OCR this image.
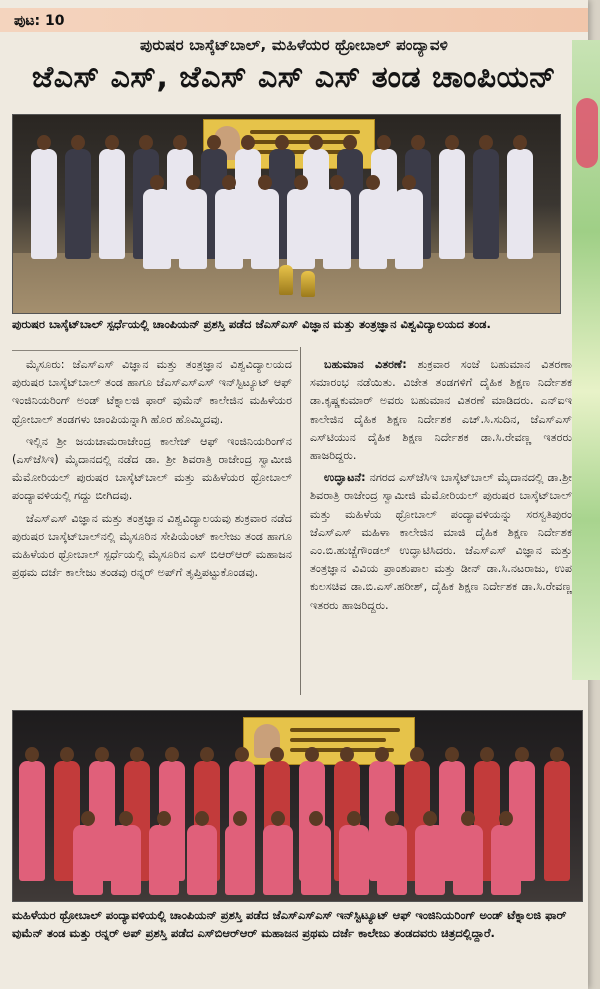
ಪುಟ: 10
ಪುರುಷರ ಬಾಸ್ಕೆಟ್‌ಬಾಲ್, ಮಹಿಳೆಯರ ಥ್ರೋಬಾಲ್ ಪಂದ್ಯಾವಳಿ
ಜೆಎಸ್ ಎಸ್, ಜೆಎಸ್ ಎಸ್ ಎಸ್ ತಂಡ ಚಾಂಪಿಯನ್
ಪುರುಷರ ಬಾಸ್ಕೆಟ್‌ಬಾಲ್ ಸ್ಪರ್ಧೆಯಲ್ಲಿ ಚಾಂಪಿಯನ್ ಪ್ರಶಸ್ತಿ ಪಡೆದ ಜೆಎಸ್‌ಎಸ್ ವಿಜ್ಞಾನ ಮತ್ತು ತಂತ್ರಜ್ಞಾನ ವಿಶ್ವವಿದ್ಯಾಲಯದ ತಂಡ.

ಮೈಸೂರು: ಜೆಎಸ್‌ಎಸ್ ವಿಜ್ಞಾನ ಮತ್ತು ತಂತ್ರಜ್ಞಾನ ವಿಶ್ವವಿದ್ಯಾಲಯದ ಪುರುಷರ ಬಾಸ್ಕೆಟ್‌ಬಾಲ್ ತಂಡ ಹಾಗೂ ಜೆಎಸ್‌ಎಸ್‌ಎಸ್ ಇನ್‌ಸ್ಟಿಟ್ಯೂಟ್ ಆಫ್ ಇಂಜಿನಿಯರಿಂಗ್ ಅಂಡ್ ಟೆಕ್ನಾಲಜಿ ಫಾರ್ ವುಮೆನ್ ಕಾಲೇಜಿನ ಮಹಿಳೆಯರ ಥ್ರೋಬಾಲ್ ತಂಡಗಳು ಚಾಂಪಿಯನ್ನಾಗಿ ಹೊರ ಹೊಮ್ಮಿದವು.

ಇಲ್ಲಿನ ಶ್ರೀ ಜಯಚಾಮರಾಜೇಂದ್ರ ಕಾಲೇಜ್ ಆಫ್ ಇಂಜಿನಿಯರಿಂಗ್‌ನ (ಎಸ್‌ಜೆಸಿಇ) ಮೈದಾನದಲ್ಲಿ ನಡೆದ ಡಾ. ಶ್ರೀ ಶಿವರಾತ್ರಿ ರಾಜೇಂದ್ರ ಸ್ವಾಮೀಜಿ ಮೆಮೋರಿಯಲ್ ಪುರುಷರ ಬಾಸ್ಕೆಟ್‌ಬಾಲ್ ಮತ್ತು ಮಹಿಳೆಯರ ಥ್ರೋಬಾಲ್ ಪಂದ್ಯಾವಳಿಯಲ್ಲಿ ಗದ್ದು ಬೀಗಿದವು.

ಜೆಎಸ್‌ಎಸ್ ವಿಜ್ಞಾನ ಮತ್ತು ತಂತ್ರಜ್ಞಾನ ವಿಶ್ವವಿದ್ಯಾಲಯವು ಶುಕ್ರವಾರ ನಡೆದ ಪುರುಷರ ಬಾಸ್ಕೆಟ್‌ಬಾಲ್‌ನಲ್ಲಿ ಮೈಸೂರಿನ ಸೇಪಿಯೆಂಟ್ ಕಾಲೇಜು ತಂಡ ಹಾಗೂ ಮಹಿಳೆಯರ ಥ್ರೋಬಾಲ್ ಸ್ಪರ್ಧೆಯಲ್ಲಿ ಮೈಸೂರಿನ ಎಸ್ ಬಿಆರ್‌ಆರ್ ಮಹಾಜನ ಪ್ರಥಮ ದರ್ಜೆ ಕಾಲೇಜು ತಂಡವು ರನ್ನರ್ ಅಪ್‌ಗೆ ತೃಪ್ತಿಪಟ್ಟುಕೊಂಡವು.

ಬಹುಮಾನ ವಿತರಣೆ: ಶುಕ್ರವಾರ ಸಂಜೆ ಬಹುಮಾನ ವಿತರಣಾ ಸಮಾರಂಭ ನಡೆಯಿತು. ವಿಜೇತ ತಂಡಗಳಿಗೆ ದೈಹಿಕ ಶಿಕ್ಷಣ ನಿರ್ದೇಶಕ ಡಾ.ಕೃಷ್ಣಕುಮಾರ್ ಅವರು ಬಹುಮಾನ ವಿತರಣೆ ಮಾಡಿದರು. ಎನ್‌ಐಇ ಕಾಲೇಜಿನ ದೈಹಿಕ ಶಿಕ್ಷಣ ನಿರ್ದೇಶಕ ಎಚ್.ಸಿ.ಸುದಿನ, ಜೆಎಸ್‌ಎಸ್ ಎಸ್‌ಟಿಯುನ ದೈಹಿಕ ಶಿಕ್ಷಣ ನಿರ್ದೇಶಕ ಡಾ.ಸಿ.ರೇವಣ್ಣ ಇತರರು ಹಾಜರಿದ್ದರು.

ಉದ್ಘಾಟನೆ: ನಗರದ ಎಸ್‌ಜೆಸಿಇ ಬಾಸ್ಕೆಟ್‌ಬಾಲ್ ಮೈದಾನದಲ್ಲಿ ಡಾ.ಶ್ರೀ ಶಿವರಾತ್ರಿ ರಾಜೇಂದ್ರ ಸ್ವಾಮೀಜಿ ಮೆಮೋರಿಯಲ್ ಪುರುಷರ ಬಾಸ್ಕೆಟ್‌ಬಾಲ್ ಮತ್ತು ಮಹಿಳೆಯ ಥ್ರೋಬಾಲ್ ಪಂದ್ಯಾವಳಿಯನ್ನು ಸರಸ್ವತಿಪುರಂ ಜೆಎಸ್‌ಎಸ್ ಮಹಿಳಾ ಕಾಲೇಜಿನ ಮಾಜಿ ದೈಹಿಕ ಶಿಕ್ಷಣ ನಿರ್ದೇಶಕ ಎಂ.ಬಿ.ಹುಚ್ಚೆಗೌಂಡಲ್ ಉದ್ಘಾಟಿಸಿದರು. ಜೆಎಸ್‌ಎಸ್ ವಿಜ್ಞಾನ ಮತ್ತು ತಂತ್ರಜ್ಞಾನ ವಿವಿಯ ಪ್ರಾಂಶುಪಾಲ ಮತ್ತು ಡೀನ್ ಡಾ.ಸಿ.ನಟರಾಜು, ಉಪ ಕುಲಸಚಿವ ಡಾ.ಬಿ.ಎಸ್.ಹರೀಶ್, ದೈಹಿಕ ಶಿಕ್ಷಣ ನಿರ್ದೇಶಕ ಡಾ.ಸಿ.ರೇವಣ್ಣ ಇತರರು ಹಾಜರಿದ್ದರು.

ಮಹಿಳೆಯರ ಥ್ರೋಬಾಲ್ ಪಂದ್ಯಾವಳಿಯಲ್ಲಿ ಚಾಂಪಿಯನ್ ಪ್ರಶಸ್ತಿ ಪಡೆದ ಜೆಎಸ್‌ಎಸ್‌ಎಸ್ ಇನ್‌ಸ್ಟಿಟ್ಯೂಟ್ ಆಫ್ ಇಂಜಿನಿಯರಿಂಗ್ ಅಂಡ್ ಟೆಕ್ನಾಲಜಿ ಫಾರ್ ವುಮೆನ್ ತಂಡ ಮತ್ತು ರನ್ನರ್ ಅಪ್ ಪ್ರಶಸ್ತಿ ಪಡೆದ ಎಸ್‌ಬಿಆರ್‌ಆರ್ ಮಹಾಜನ ಪ್ರಥಮ ದರ್ಜೆ ಕಾಲೇಜು ತಂಡದವರು ಚಿತ್ರದಲ್ಲಿದ್ದಾರೆ.
